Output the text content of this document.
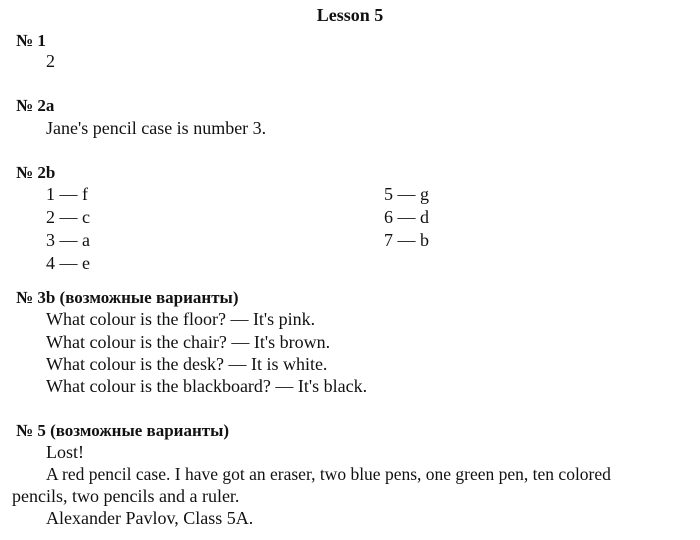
Lesson 5
№ 1
2
№ 2a
Jane's pencil case is number 3.
№ 2b
1 — f
2 — c
3 — a
4 — e
5 — g
6 — d
7 — b
№ 3b (возможные варианты)
What colour is the floor? — It's pink.
What colour is the chair? — It's brown.
What colour is the desk? — It is white.
What colour is the blackboard? — It's black.
№ 5 (возможные варианты)
Lost!
A red pencil case. I have got an eraser, two blue pens, one green pen, ten colored
pencils, two pencils and a ruler.
Alexander Pavlov, Class 5A.
